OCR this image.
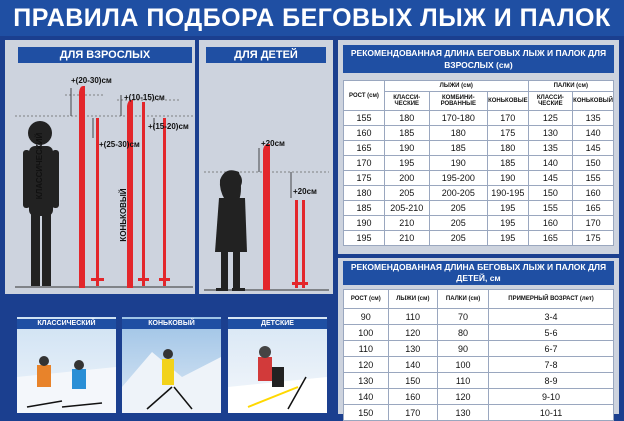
ПРАВИЛА ПОДБОРА БЕГОВЫХ ЛЫЖ И ПАЛОК
ДЛЯ ВЗРОСЛЫХ
+(20-30)см
+(25-30)см
+(10-15)см
+(15-20)см
КЛАССИЧЕСКИЙ
КОНЬКОВЫЙ
ДЛЯ ДЕТЕЙ
+20см
+20см
РЕКОМЕНДОВАННАЯ ДЛИНА БЕГОВЫХ ЛЫЖ И ПАЛОК ДЛЯ ВЗРОСЛЫХ (см)
РОСТ (см)	ЛЫЖИ (см)			ПАЛКИ (см)	
	КЛАССИ-ЧЕСКИЕ	КОМБИНИ-РОВАННЫЕ	КОНЬКОВЫЕ	КЛАССИ-ЧЕСКИЕ	КОНЬКОВЫЙ
155	180	170-180	170	125	135
160	185	180	175	130	140
165	190	185	180	135	145
170	195	190	185	140	150
175	200	195-200	190	145	155
180	205	200-205	190-195	150	160
185	205-210	205	195	155	165
190	210	205	195	160	170
195	210	205	195	165	175
РЕКОМЕНДОВАННАЯ ДЛИНА БЕГОВЫХ ЛЫЖ И ПАЛОК ДЛЯ ДЕТЕЙ, см
РОСТ (см)	ЛЫЖИ (см)	ПАЛКИ (см)	ПРИМЕРНЫЙ ВОЗРАСТ (лет)
90	110	70	3-4
100	120	80	5-6
110	130	90	6-7
120	140	100	7-8
130	150	110	8-9
140	160	120	9-10
150	170	130	10-11
КЛАССИЧЕСКИЙ	КОНЬКОВЫЙ	ДЕТСКИЕ
